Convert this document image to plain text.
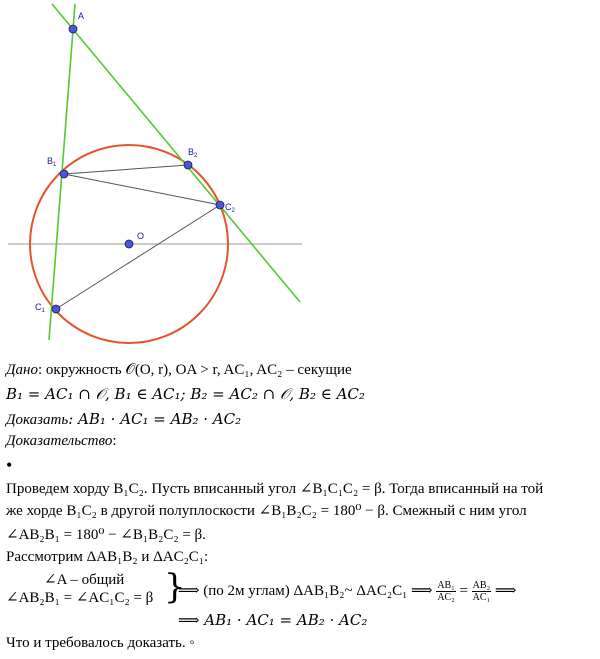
A
$B_1$
$B_2$
$C_2$
$C_1$
O
Дано: окружность 𝒪(O, r), OA > r, AC₁, AC₂ – секущие
B₁ = AC₁ ∩ 𝒪, B₁ ∈ AC₁; B₂ = AC₂ ∩ 𝒪, B₂ ∈ AC₂
Доказать: AB₁ · AC₁ = AB₂ · AC₂
Доказательство:
•
Проведем хорду B₁C₂. Пусть вписанный угол ∠B₁C₁C₂ = β. Тогда вписанный на той
же хорде B₁C₂ в другой полуплоскости ∠B₁B₂C₂ = 180⁰ − β. Смежный с ним угол
∠AB₂B₁ = 180⁰ − ∠B₁B₂C₂ = β.
Рассмотрим ΔAB₁B₂ и ΔAC₂C₁:
∠A – общий
∠AB₂B₁ = ∠AC₁C₂ = β }
⟹ (по 2м углам) ΔAB₁B₂~ ΔAC₂C₁ ⟹ $\frac{\text{AB₁}}{\text{AC₂}} = \frac{\text{AB₂}}{\text{AC₁}}$ ⟹
⟹ AB₁ · AC₁ = AB₂ · AC₂
Что и требовалось доказать. ◦
